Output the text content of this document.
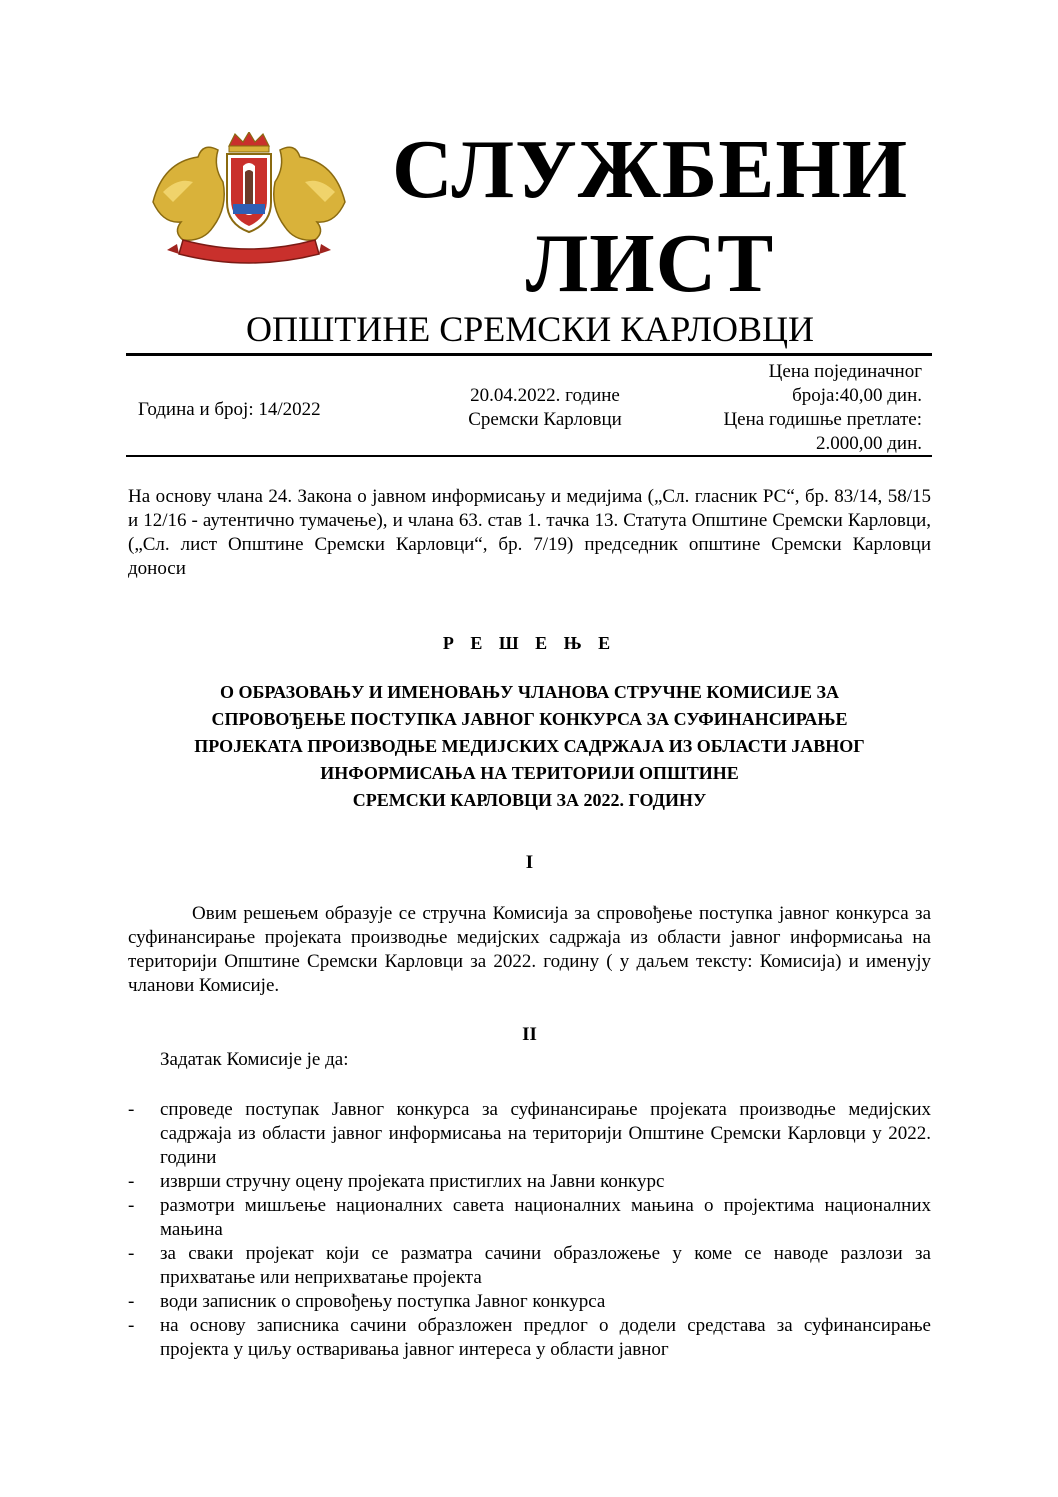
СЛУЖБЕНИ
ЛИСТ
ОПШТИНЕ СРЕМСКИ КАРЛОВЦИ
Година и број: 14/2022
20.04.2022. године
Сремски Карловци
Цена појединачног
броја:40,00 дин.
Цена годишње претлате:
2.000,00 дин.
На основу члана 24. Закона о јавном информисању и медијима („Сл. гласник РС“, бр. 83/14, 58/15 и 12/16 - аутентично тумачење), и члана 63. став 1. тачка 13. Статута Општине Сремски Карловци, („Сл. лист Општине Сремски Карловци“, бр. 7/19) председник општине Сремски Карловци доноси
Р Е Ш Е Њ Е
О ОБРАЗОВАЊУ И ИМЕНОВАЊУ ЧЛАНОВА СТРУЧНЕ КОМИСИЈЕ ЗА
СПРОВОЂЕЊЕ ПОСТУПКА ЈАВНОГ КОНКУРСА ЗА СУФИНАНСИРАЊЕ
ПРОЈЕКАТА ПРОИЗВОДЊЕ МЕДИЈСКИХ САДРЖАЈА ИЗ ОБЛАСТИ ЈАВНОГ
ИНФОРМИСАЊА НА ТЕРИТОРИЈИ ОПШТИНЕ
СРЕМСКИ КАРЛОВЦИ ЗА 2022. ГОДИНУ
I
Овим решењем образује се стручна Комисија за спровођење поступка јавног конкурса за суфинансирање пројеката производње медијских садржаја из области јавног информисања на територији Општине Сремски Карловци за 2022. годину ( у даљем тексту: Комисија) и именују чланови Комисије.
II
Задатак Комисије је да:
- спроведе поступак Јавног конкурса за суфинансирање пројеката производње медијских садржаја из области јавног информисања на територији Општине Сремски Карловци у 2022. години
- изврши стручну оцену пројеката пристиглих на Јавни конкурс
- размотри мишљење националних савета националних мањина о пројектима националних мањина
- за сваки пројекат који се разматра сачини образложење у коме се наводе разлози за прихватање или неприхватање пројекта
- води записник о спровођењу поступка Јавног конкурса
- на основу записника сачини образложен предлог о додели средстава за суфинансирање пројекта у циљу остваривања јавног интереса у области јавног
